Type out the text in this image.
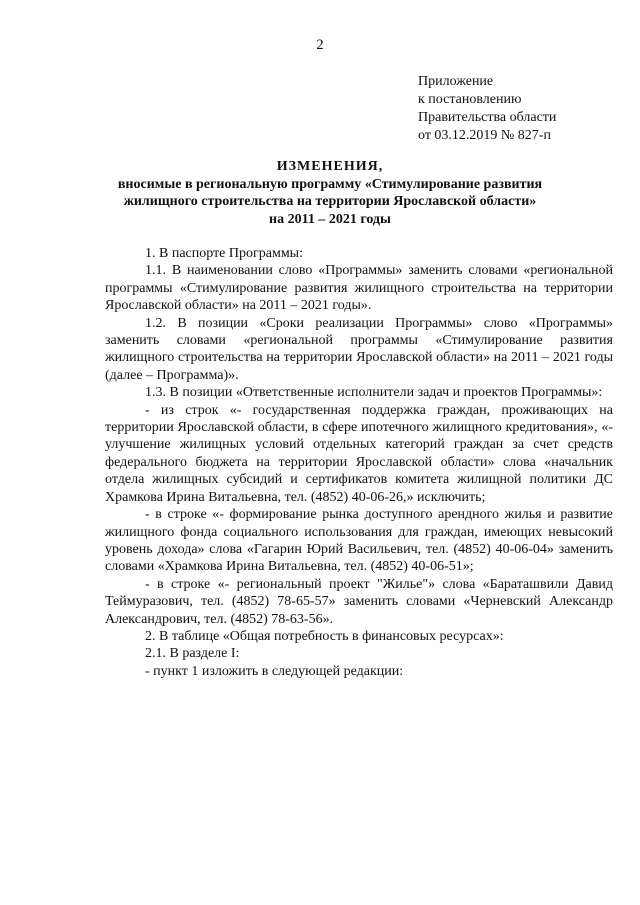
2
Приложение
к постановлению
Правительства области
от 03.12.2019 № 827-п
ИЗМЕНЕНИЯ,
вносимые в региональную программу «Стимулирование развития
жилищного строительства на территории Ярославской области»
на 2011 – 2021 годы

1. В паспорте Программы:

1.1. В наименовании слово «Программы» заменить словами «региональной программы «Стимулирование развития жилищного строительства на территории Ярославской области» на 2011 – 2021 годы».

1.2. В позиции «Сроки реализации Программы» слово «Программы» заменить словами «региональной программы «Стимулирование развития жилищного строительства на территории Ярославской области» на 2011 – 2021 годы (далее – Программа)».

1.3. В позиции «Ответственные исполнители задач и проектов Программы»:

- из строк «- государственная поддержка граждан, проживающих на территории Ярославской области, в сфере ипотечного жилищного кредитования», «- улучшение жилищных условий отдельных категорий граждан за счет средств федерального бюджета на территории Ярославской области» слова «начальник отдела жилищных субсидий и сертификатов комитета жилищной политики ДС Храмкова Ирина Витальевна, тел. (4852) 40-06-26,» исключить;

- в строке «- формирование рынка доступного арендного жилья и развитие жилищного фонда социального использования для граждан, имеющих невысокий уровень дохода» слова «Гагарин Юрий Васильевич, тел. (4852) 40-06-04» заменить словами «Храмкова Ирина Витальевна, тел. (4852) 40-06-51»;

- в строке «- региональный проект "Жилье"» слова «Бараташвили Давид Теймуразович, тел. (4852) 78-65-57» заменить словами «Черневский Александр Александрович, тел. (4852) 78-63-56».

2. В таблице «Общая потребность в финансовых ресурсах»:

2.1. В разделе I:

- пункт 1 изложить в следующей редакции:
